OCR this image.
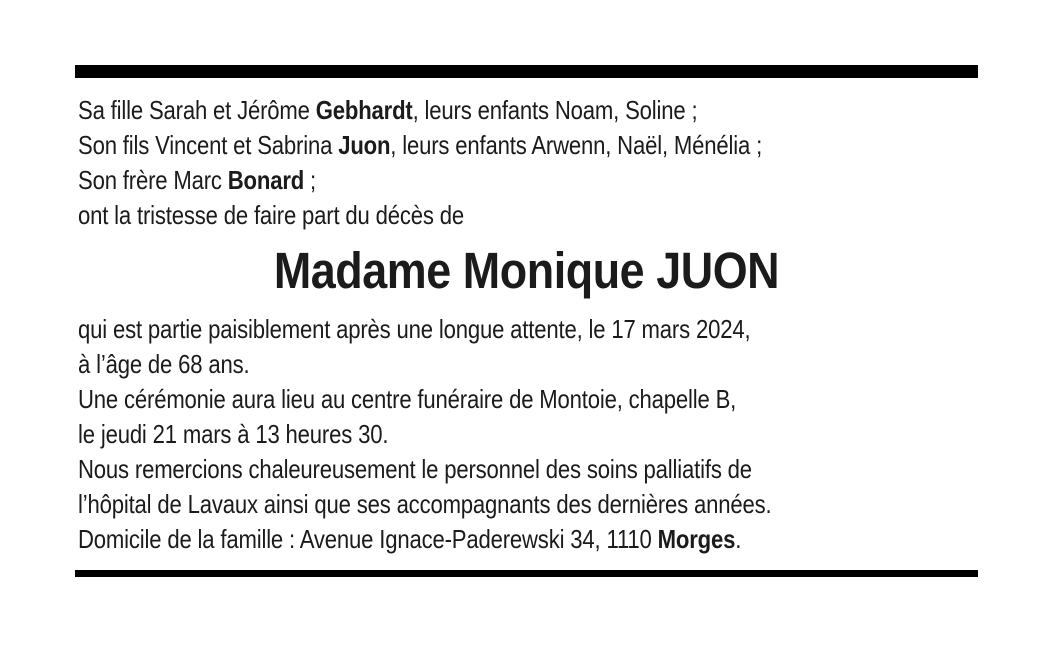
Sa fille Sarah et Jérôme Gebhardt, leurs enfants Noam, Soline ;
Son fils Vincent et Sabrina Juon, leurs enfants Arwenn, Naël, Ménélia ;
Son frère Marc Bonard ;
ont la tristesse de faire part du décès de
Madame Monique JUON
qui est partie paisiblement après une longue attente, le 17 mars 2024,
à l’âge de 68 ans.
Une cérémonie aura lieu au centre funéraire de Montoie, chapelle B,
le jeudi 21 mars à 13 heures 30.
Nous remercions chaleureusement le personnel des soins palliatifs de
l’hôpital de Lavaux ainsi que ses accompagnants des dernières années.
Domicile de la famille : Avenue Ignace-Paderewski 34, 1110 Morges.
